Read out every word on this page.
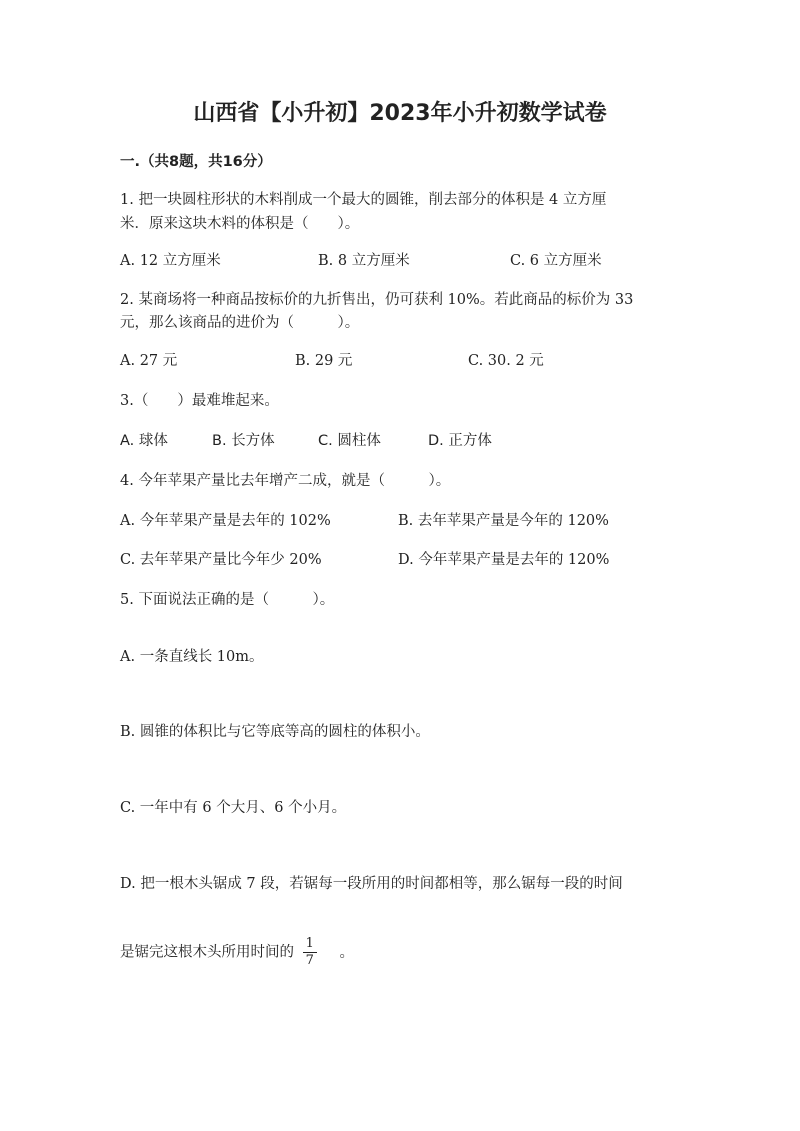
山西省【小升初】2023年小升初数学试卷
一.（共8题，共16分）
1. 把一块圆柱形状的木料削成一个最大的圆锥，削去部分的体积是 4 立方厘
米．原来这块木料的体积是（　　）。
A. 12 立方厘米	B. 8 立方厘米	C. 6 立方厘米
2. 某商场将一种商品按标价的九折售出，仍可获利 10%。若此商品的标价为 33
元，那么该商品的进价为（　　　）。
A. 27 元	B. 29 元	C. 30. 2 元
3.（　　）最难堆起来。
A. 球体	B. 长方体	C. 圆柱体	D. 正方体
4. 今年苹果产量比去年增产二成，就是（　　　）。
A. 今年苹果产量是去年的 102%	B. 去年苹果产量是今年的 120%
C. 去年苹果产量比今年少 20%	D. 今年苹果产量是去年的 120%
5. 下面说法正确的是（　　　）。
A. 一条直线长 10m。
B. 圆锥的体积比与它等底等高的圆柱的体积小。
C. 一年中有 6 个大月、6 个小月。
D. 把一根木头锯成 7 段，若锯每一段所用的时间都相等，那么锯每一段的时间
是锯完这根木头所用时间的 $\frac{1}{7}$ 。
